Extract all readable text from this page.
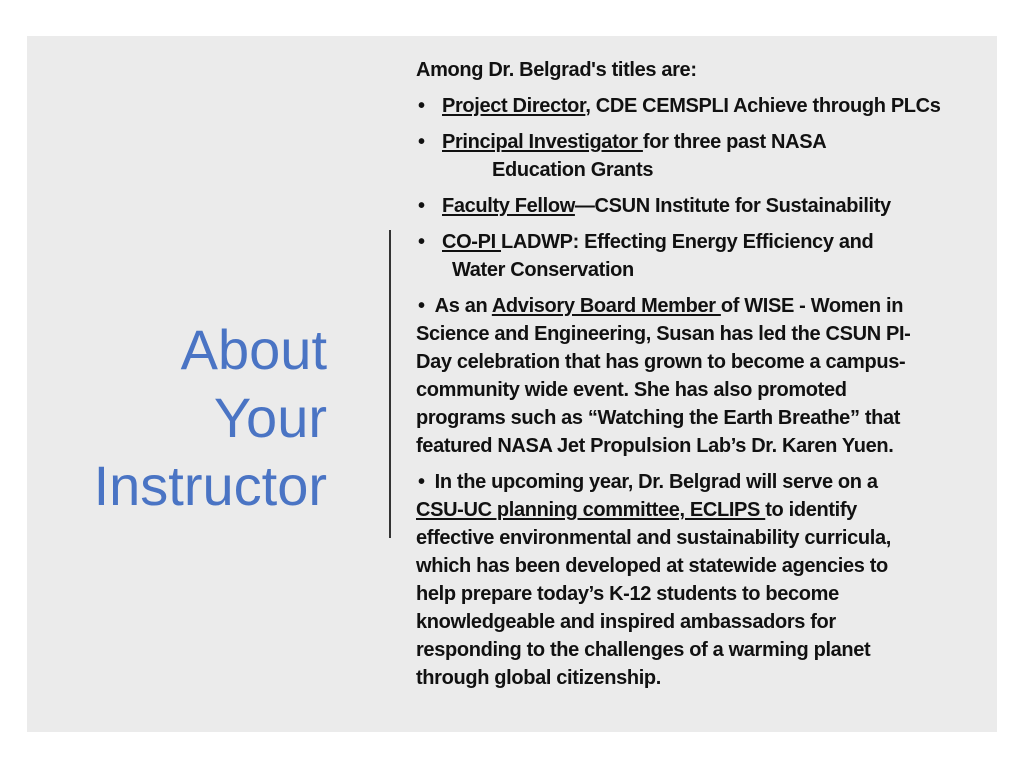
About
Your
Instructor

Among Dr. Belgrad's titles are:

• Project Director, CDE CEMSPLI Achieve through PLCs
• Principal Investigator for three past NASA
Education Grants
• Faculty Fellow—CSUN Institute for Sustainability
• CO-PI LADWP: Effecting Energy Efficiency and
Water Conservation

• As an Advisory Board Member of WISE - Women in

Science and Engineering, Susan has led the CSUN PI-

Day celebration that has grown to become a campus-

community wide event. She has also promoted

programs such as “Watching the Earth Breathe” that

featured NASA Jet Propulsion Lab’s Dr. Karen Yuen.

• In the upcoming year, Dr. Belgrad will serve on a

CSU-UC planning committee, ECLIPS to identify

effective environmental and sustainability curricula,

which has been developed at statewide agencies to

help prepare today’s K-12 students to become

knowledgeable and inspired ambassadors for

responding to the challenges of a warming planet

through global citizenship.
